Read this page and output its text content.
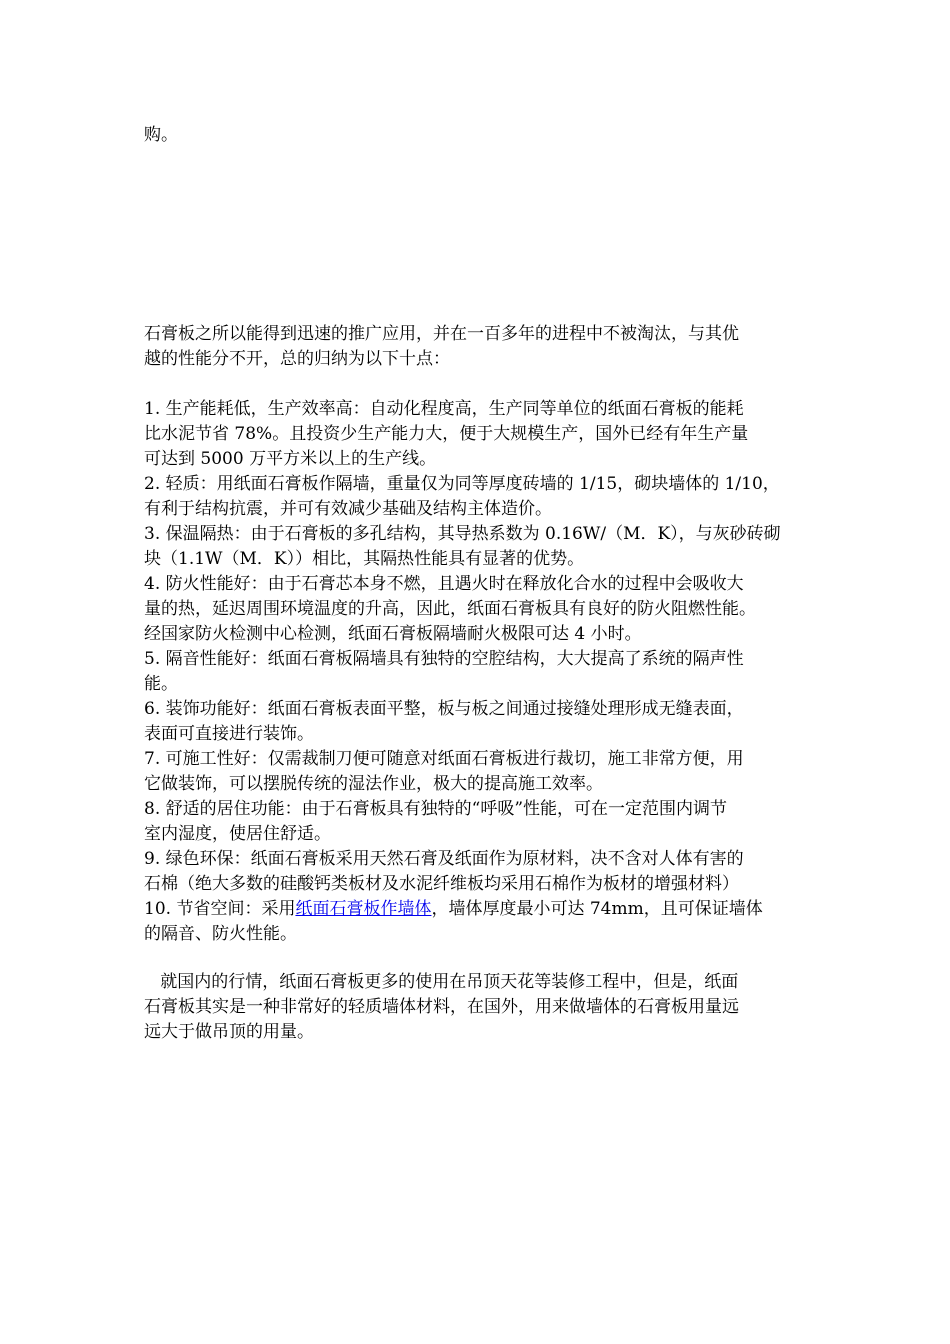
购。
石膏板之所以能得到迅速的推广应用，并在一百多年的进程中不被淘汰，与其优
越的性能分不开，总的归纳为以下十点：
1. 生产能耗低，生产效率高：自动化程度高，生产同等单位的纸面石膏板的能耗
比水泥节省 78%。且投资少生产能力大，便于大规模生产，国外已经有年生产量
可达到 5000 万平方米以上的生产线。
2. 轻质：用纸面石膏板作隔墙，重量仅为同等厚度砖墙的 1/15，砌块墙体的 1/10，
有利于结构抗震，并可有效减少基础及结构主体造价。
3. 保温隔热：由于石膏板的多孔结构，其导热系数为 0.16W/（M．K），与灰砂砖砌
块（1.1W（M．K））相比，其隔热性能具有显著的优势。
4. 防火性能好：由于石膏芯本身不燃，且遇火时在释放化合水的过程中会吸收大
量的热，延迟周围环境温度的升高，因此，纸面石膏板具有良好的防火阻燃性能。
经国家防火检测中心检测，纸面石膏板隔墙耐火极限可达 4 小时。
5. 隔音性能好：纸面石膏板隔墙具有独特的空腔结构，大大提高了系统的隔声性
能。
6. 装饰功能好：纸面石膏板表面平整，板与板之间通过接缝处理形成无缝表面，
表面可直接进行装饰。
7. 可施工性好：仅需裁制刀便可随意对纸面石膏板进行裁切，施工非常方便，用
它做装饰，可以摆脱传统的湿法作业，极大的提高施工效率。
8. 舒适的居住功能：由于石膏板具有独特的“呼吸”性能，可在一定范围内调节
室内湿度，使居住舒适。
9. 绿色环保：纸面石膏板采用天然石膏及纸面作为原材料，决不含对人体有害的
石棉（绝大多数的硅酸钙类板材及水泥纤维板均采用石棉作为板材的增强材料）
10. 节省空间：采用纸面石膏板作墙体，墙体厚度最小可达 74mm，且可保证墙体
的隔音、防火性能。
就国内的行情，纸面石膏板更多的使用在吊顶天花等装修工程中，但是，纸面
石膏板其实是一种非常好的轻质墙体材料，在国外，用来做墙体的石膏板用量远
远大于做吊顶的用量。
